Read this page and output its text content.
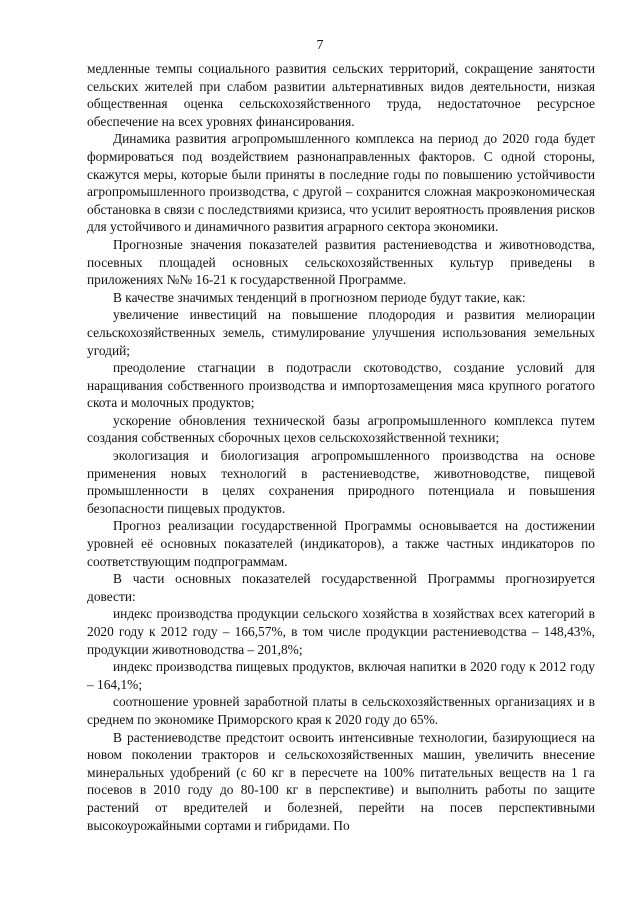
7

медленные темпы социального развития сельских территорий, сокращение занятости сельских жителей при слабом развитии альтернативных видов деятельности, низкая общественная оценка сельскохозяйственного труда, недостаточное ресурсное обеспечение на всех уровнях финансирования.

Динамика развития агропромышленного комплекса на период до 2020 года будет формироваться под воздействием разнонаправленных факторов. С одной стороны, скажутся меры, которые были приняты в последние годы по повышению устойчивости агропромышленного производства, с другой – сохранится сложная макроэкономическая обстановка в связи с последствиями кризиса, что усилит вероятность проявления рисков для устойчивого и динамичного развития аграрного сектора экономики.

Прогнозные значения показателей развития растениеводства и животноводства, посевных площадей основных сельскохозяйственных культур приведены в приложениях №№ 16-21 к государственной Программе.

В качестве значимых тенденций в прогнозном периоде будут такие, как:

увеличение инвестиций на повышение плодородия и развития мелиорации сельскохозяйственных земель, стимулирование улучшения использования земельных угодий;

преодоление стагнации в подотрасли скотоводство, создание условий для наращивания собственного производства и импортозамещения мяса крупного рогатого скота и молочных продуктов;

ускорение обновления технической базы агропромышленного комплекса путем создания собственных сборочных цехов сельскохозяйственной техники;

экологизация и биологизация агропромышленного производства на основе применения новых технологий в растениеводстве, животноводстве, пищевой промышленности в целях сохранения природного потенциала и повышения безопасности пищевых продуктов.

Прогноз реализации государственной Программы основывается на достижении уровней её основных показателей (индикаторов), а также частных индикаторов по соответствующим подпрограммам.

В части основных показателей государственной Программы прогнозируется довести:

индекс производства продукции сельского хозяйства в хозяйствах всех категорий в 2020 году к 2012 году – 166,57%, в том числе продукции растениеводства – 148,43%, продукции животноводства – 201,8%;

индекс производства пищевых продуктов, включая напитки в 2020 году к 2012 году – 164,1%;

соотношение уровней заработной платы в сельскохозяйственных организациях и в среднем по экономике Приморского края к 2020 году до 65%.

В растениеводстве предстоит освоить интенсивные технологии, базирующиеся на новом поколении тракторов и сельскохозяйственных машин, увеличить внесение минеральных удобрений (с 60 кг в пересчете на 100% питательных веществ на 1 га посевов в 2010 году до 80-100 кг в перспективе) и выполнить работы по защите растений от вредителей и болезней, перейти на посев перспективными высокоурожайными сортами и гибридами. По
